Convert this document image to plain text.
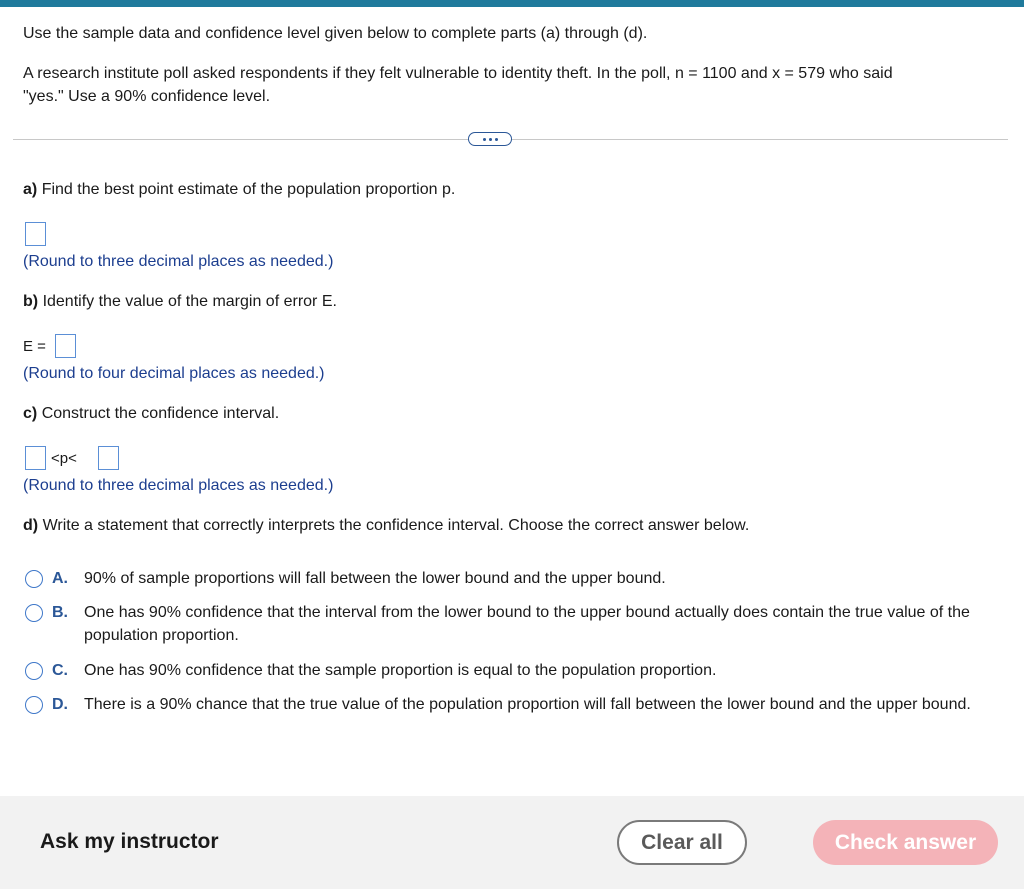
Use the sample data and confidence level given below to complete parts (a) through (d).
A research institute poll asked respondents if they felt vulnerable to identity theft. In the poll, n = 1100 and x = 579 who said
"yes." Use a 90% confidence level.
a) Find the best point estimate of the population proportion p.
(Round to three decimal places as needed.)
b) Identify the value of the margin of error E.
E =
(Round to four decimal places as needed.)
c) Construct the confidence interval.
<p<
(Round to three decimal places as needed.)
d) Write a statement that correctly interprets the confidence interval. Choose the correct answer below.
A. 90% of sample proportions will fall between the lower bound and the upper bound.
B. One has 90% confidence that the interval from the lower bound to the upper bound actually does contain the true value of the population proportion.
C. One has 90% confidence that the sample proportion is equal to the population proportion.
D. There is a 90% chance that the true value of the population proportion will fall between the lower bound and the upper bound.
Ask my instructor	Clear all	Check answer
